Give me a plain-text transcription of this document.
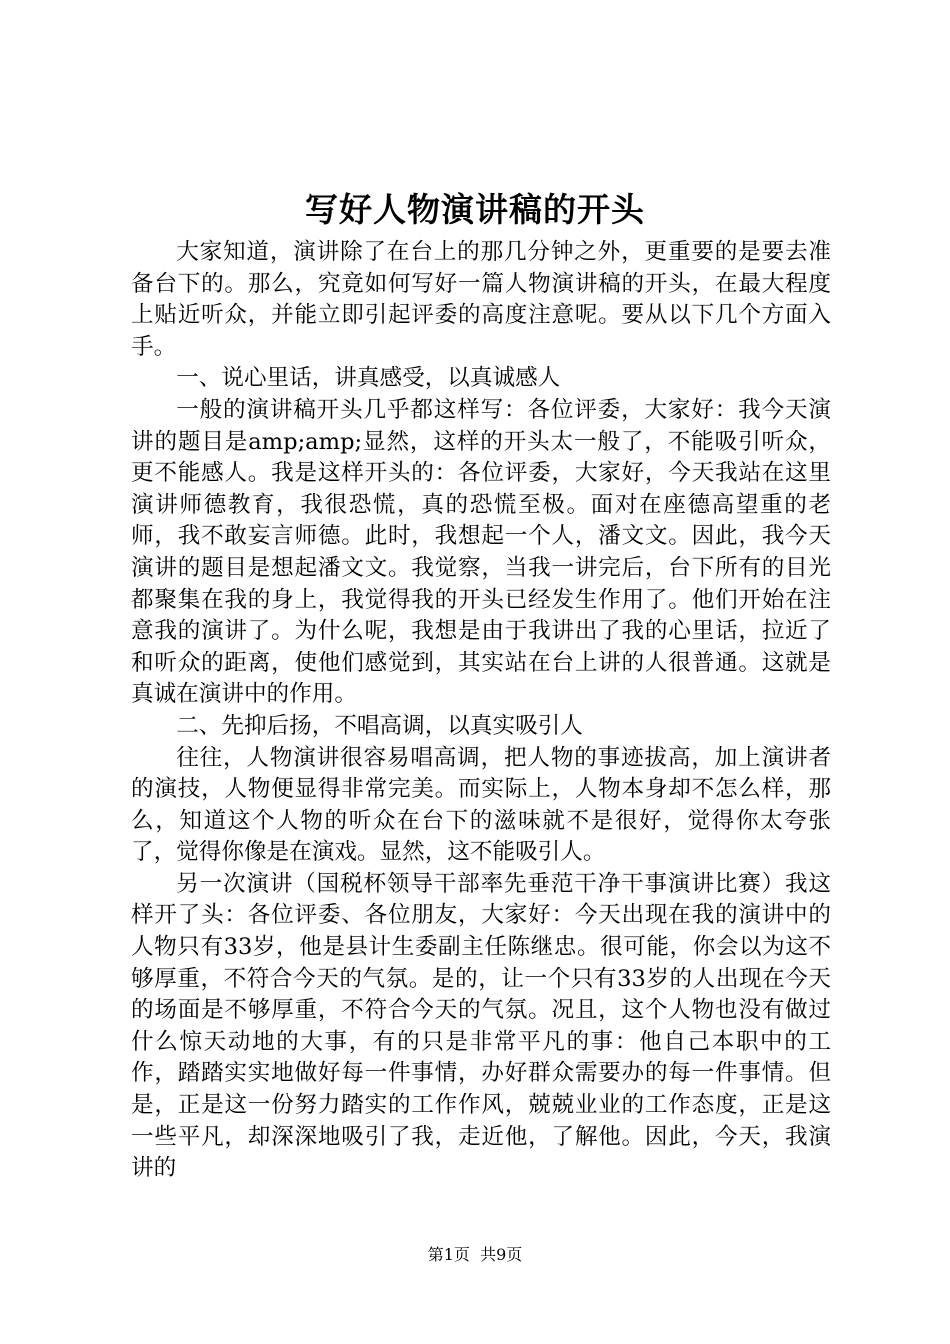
写好人物演讲稿的开头

大家知道，演讲除了在台上的那几分钟之外，更重要的是要去准备台下的。那么，究竟如何写好一篇人物演讲稿的开头，在最大程度上贴近听众，并能立即引起评委的高度注意呢。要从以下几个方面入手。

一、说心里话，讲真感受，以真诚感人

一般的演讲稿开头几乎都这样写：各位评委，大家好：我今天演讲的题目是amp;amp;显然，这样的开头太一般了，不能吸引听众，更不能感人。我是这样开头的：各位评委，大家好，今天我站在这里演讲师德教育，我很恐慌，真的恐慌至极。面对在座德高望重的老师，我不敢妄言师德。此时，我想起一个人，潘文文。因此，我今天演讲的题目是想起潘文文。我觉察，当我一讲完后，台下所有的目光都聚集在我的身上，我觉得我的开头已经发生作用了。他们开始在注意我的演讲了。为什么呢，我想是由于我讲出了我的心里话，拉近了和听众的距离，使他们感觉到，其实站在台上讲的人很普通。这就是真诚在演讲中的作用。

二、先抑后扬，不唱高调，以真实吸引人

往往，人物演讲很容易唱高调，把人物的事迹拔高，加上演讲者的演技，人物便显得非常完美。而实际上，人物本身却不怎么样，那么，知道这个人物的听众在台下的滋味就不是很好，觉得你太夸张了，觉得你像是在演戏。显然，这不能吸引人。

另一次演讲（国税杯领导干部率先垂范干净干事演讲比赛）我这样开了头：各位评委、各位朋友，大家好：今天出现在我的演讲中的人物只有33岁，他是县计生委副主任陈继忠。很可能，你会以为这不够厚重，不符合今天的气氛。是的，让一个只有33岁的人出现在今天的场面是不够厚重，不符合今天的气氛。况且，这个人物也没有做过什么惊天动地的大事，有的只是非常平凡的事：他自己本职中的工作，踏踏实实地做好每一件事情，办好群众需要办的每一件事情。但是，正是这一份努力踏实的工作作风，兢兢业业的工作态度，正是这一些平凡，却深深地吸引了我，走近他，了解他。因此，今天，我演讲的

第1页 共9页
